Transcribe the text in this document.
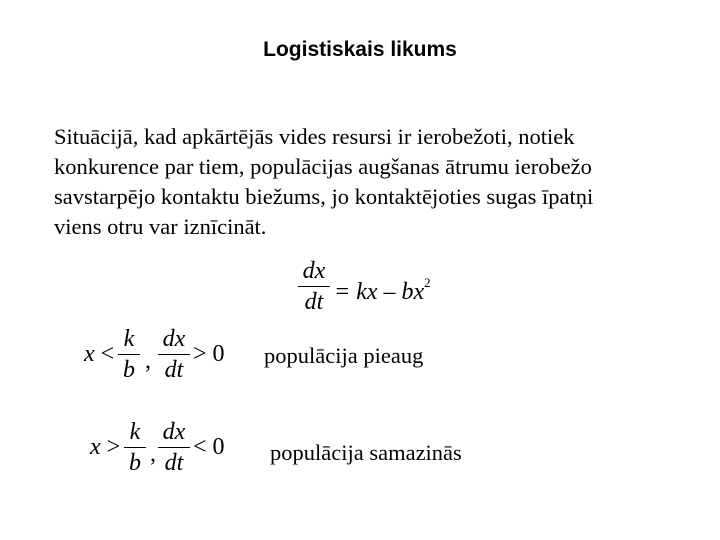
Logistiskais likums
Situācijā, kad apkārtējās vides resursi ir ierobežoti, notiek
konkurence par tiem, populācijas augšanas ātrumu ierobežo
savstarpējo kontaktu biežums, jo kontaktējoties sugas īpatņi
viens otru var iznīcināt.
dx
dt = kx – $bx^2$
x <
k
b ,
dx
dt
> 0 populācija pieaug
x >
k
b ,
dx
dt
< 0 populācija samazinās
